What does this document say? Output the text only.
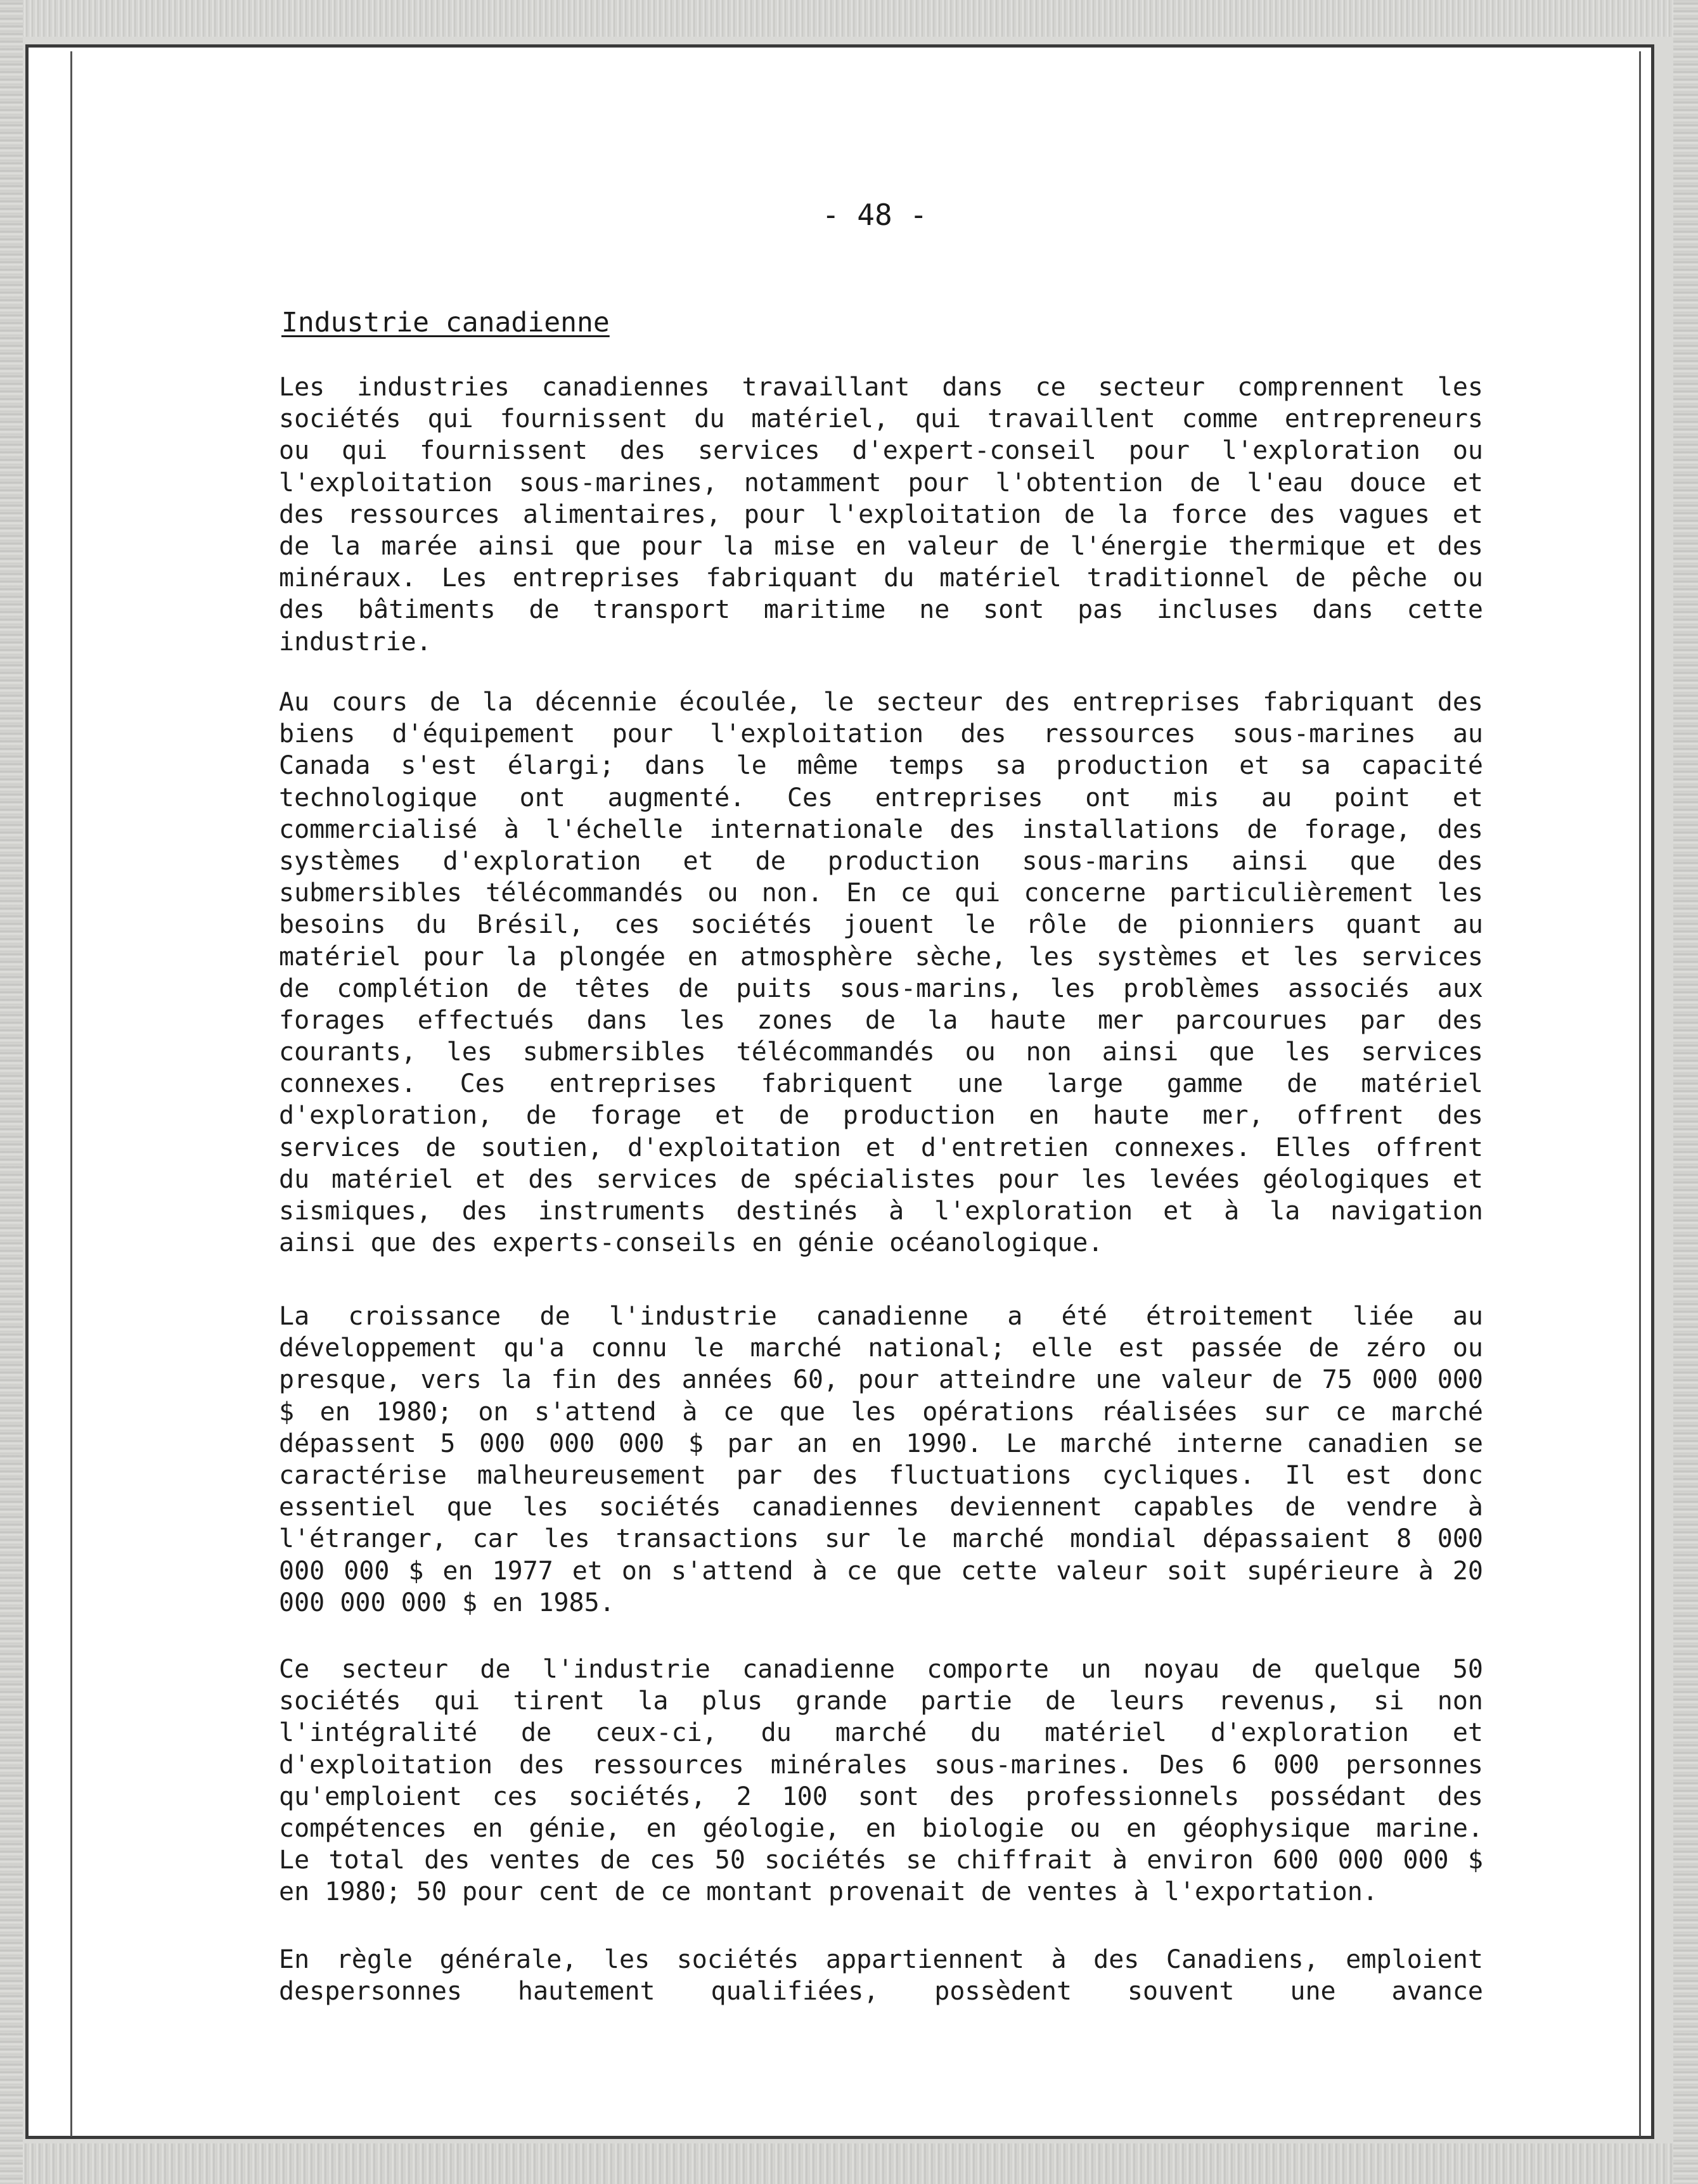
- 48 -
Industrie canadienne
Les industries canadiennes travaillant dans ce secteur comprennent les
sociétés qui fournissent du matériel, qui travaillent comme entrepreneurs
ou qui fournissent des services d'expert-conseil pour l'exploration ou
l'exploitation sous-marines, notamment pour l'obtention de l'eau douce et
des ressources alimentaires, pour l'exploitation de la force des vagues et
de la marée ainsi que pour la mise en valeur de l'énergie thermique et des
minéraux. Les entreprises fabriquant du matériel traditionnel de pêche ou
des bâtiments de transport maritime ne sont pas incluses dans cette
industrie.
Au cours de la décennie écoulée, le secteur des entreprises fabriquant des
biens d'équipement pour l'exploitation des ressources sous-marines au
Canada s'est élargi; dans le même temps sa production et sa capacité
technologique ont augmenté. Ces entreprises ont mis au point et
commercialisé à l'échelle internationale des installations de forage, des
systèmes d'exploration et de production sous-marins ainsi que des
submersibles télécommandés ou non. En ce qui concerne particulièrement les
besoins du Brésil, ces sociétés jouent le rôle de pionniers quant au
matériel pour la plongée en atmosphère sèche, les systèmes et les services
de complétion de têtes de puits sous-marins, les problèmes associés aux
forages effectués dans les zones de la haute mer parcourues par des
courants, les submersibles télécommandés ou non ainsi que les services
connexes. Ces entreprises fabriquent une large gamme de matériel
d'exploration, de forage et de production en haute mer, offrent des
services de soutien, d'exploitation et d'entretien connexes. Elles offrent
du matériel et des services de spécialistes pour les levées géologiques et
sismiques, des instruments destinés à l'exploration et à la navigation
ainsi que des experts-conseils en génie océanologique.
La croissance de l'industrie canadienne a été étroitement liée au
développement qu'a connu le marché national; elle est passée de zéro ou
presque, vers la fin des années 60, pour atteindre une valeur de 75 000 000
$ en 1980; on s'attend à ce que les opérations réalisées sur ce marché
dépassent 5 000 000 000 $ par an en 1990. Le marché interne canadien se
caractérise malheureusement par des fluctuations cycliques. Il est donc
essentiel que les sociétés canadiennes deviennent capables de vendre à
l'étranger, car les transactions sur le marché mondial dépassaient 8 000
000 000 $ en 1977 et on s'attend à ce que cette valeur soit supérieure à 20
000 000 000 $ en 1985.
Ce secteur de l'industrie canadienne comporte un noyau de quelque 50
sociétés qui tirent la plus grande partie de leurs revenus, si non
l'intégralité de ceux-ci, du marché du matériel d'exploration et
d'exploitation des ressources minérales sous-marines. Des 6 000 personnes
qu'emploient ces sociétés, 2 100 sont des professionnels possédant des
compétences en génie, en géologie, en biologie ou en géophysique marine.
Le total des ventes de ces 50 sociétés se chiffrait à environ 600 000 000 $
en 1980; 50 pour cent de ce montant provenait de ventes à l'exportation.
En règle générale, les sociétés appartiennent à des Canadiens, emploient
despersonnes hautement qualifiées, possèdent souvent une avance
